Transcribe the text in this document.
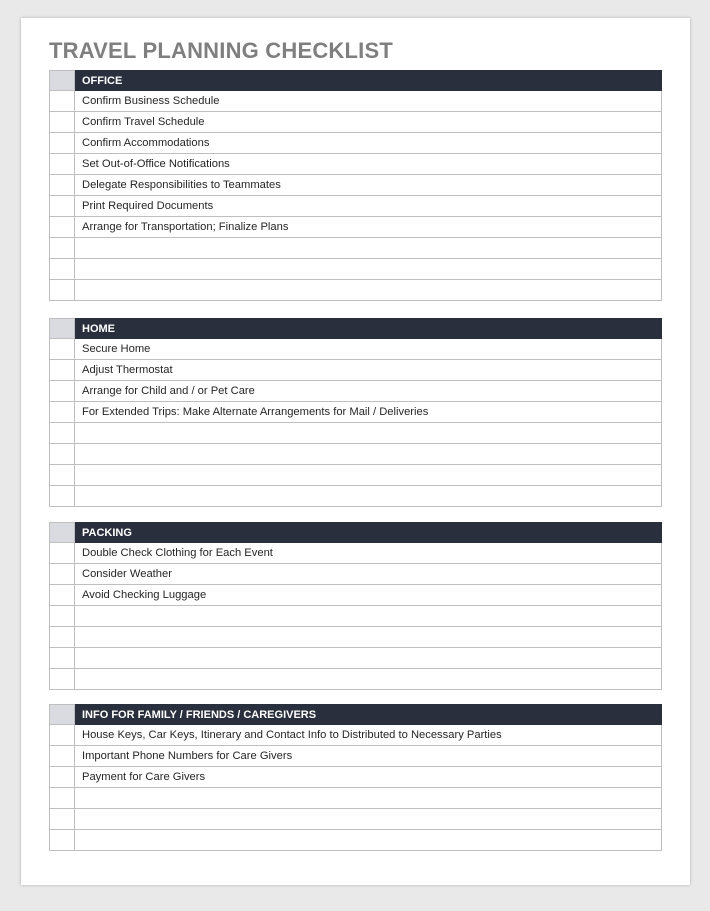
TRAVEL PLANNING CHECKLIST
	OFFICE
	Confirm Business Schedule
	Confirm Travel Schedule
	Confirm Accommodations
	Set Out-of-Office Notifications
	Delegate Responsibilities to Teammates
	Print Required Documents
	Arrange for Transportation; Finalize Plans

	HOME
	Secure Home
	Adjust Thermostat
	Arrange for Child and / or Pet Care
	For Extended Trips: Make Alternate Arrangements for Mail / Deliveries

	PACKING
	Double Check Clothing for Each Event
	Consider Weather
	Avoid Checking Luggage

	INFO FOR FAMILY / FRIENDS / CAREGIVERS
	House Keys, Car Keys, Itinerary and Contact Info to Distributed to Necessary Parties
	Important Phone Numbers for Care Givers
	Payment for Care Givers
